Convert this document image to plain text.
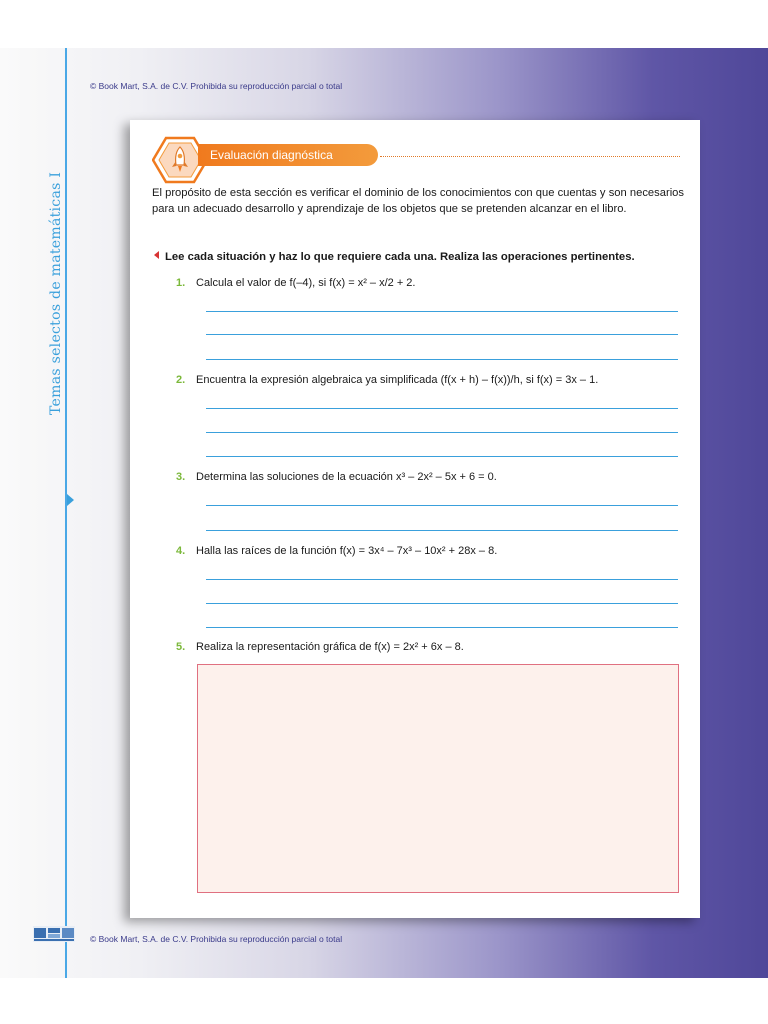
Temas selectos de matemáticas I
© Book Mart, S.A. de C.V. Prohibida su reproducción parcial o total
© Book Mart, S.A. de C.V. Prohibida su reproducción parcial o total
Evaluación diagnóstica
El propósito de esta sección es verificar el dominio de los conocimientos con que cuentas y son necesarios para un adecuado desarrollo y aprendizaje de los objetos que se pretenden alcanzar en el libro.
Lee cada situación y haz lo que requiere cada una. Realiza las operaciones pertinentes.
1. Calcula el valor de f(–4), si f(x) = x² – x/2 + 2.
2. Encuentra la expresión algebraica ya simplificada (f(x + h) – f(x))/h, si f(x) = 3x – 1.
3. Determina las soluciones de la ecuación x³ – 2x² – 5x + 6 = 0.
4. Halla las raíces de la función f(x) = 3x⁴ – 7x³ – 10x² + 28x – 8.
5. Realiza la representación gráfica de f(x) = 2x² + 6x – 8.
